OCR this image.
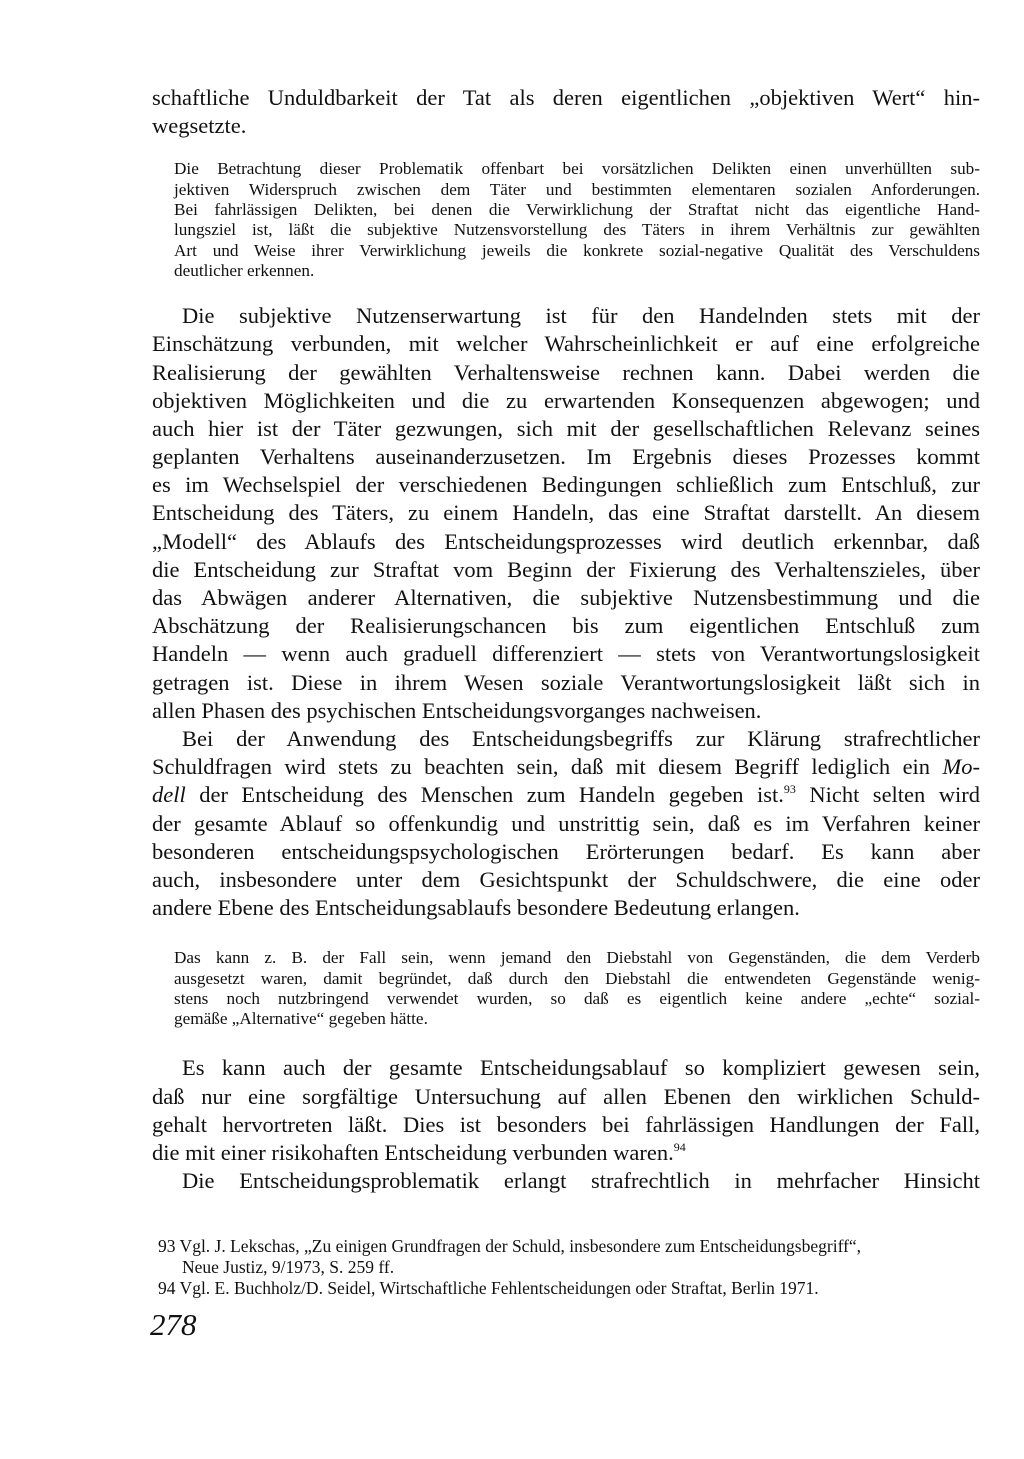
schaftliche Unduldbarkeit der Tat als deren eigentlichen „objektiven Wert“ hin-
wegsetzte.
Die Betrachtung dieser Problematik offenbart bei vorsätzlichen Delikten einen unverhüllten sub-
jektiven Widerspruch zwischen dem Täter und bestimmten elementaren sozialen Anforderungen.
Bei fahrlässigen Delikten, bei denen die Verwirklichung der Straftat nicht das eigentliche Hand-
lungsziel ist, läßt die subjektive Nutzensvorstellung des Täters in ihrem Verhältnis zur gewählten
Art und Weise ihrer Verwirklichung jeweils die konkrete sozial-negative Qualität des Verschuldens
deutlicher erkennen.
Die subjektive Nutzenserwartung ist für den Handelnden stets mit der
Einschätzung verbunden, mit welcher Wahrscheinlichkeit er auf eine erfolgreiche
Realisierung der gewählten Verhaltensweise rechnen kann. Dabei werden die
objektiven Möglichkeiten und die zu erwartenden Konsequenzen abgewogen; und
auch hier ist der Täter gezwungen, sich mit der gesellschaftlichen Relevanz seines
geplanten Verhaltens auseinanderzusetzen. Im Ergebnis dieses Prozesses kommt
es im Wechselspiel der verschiedenen Bedingungen schließlich zum Entschluß, zur
Entscheidung des Täters, zu einem Handeln, das eine Straftat darstellt. An diesem
„Modell“ des Ablaufs des Entscheidungsprozesses wird deutlich erkennbar, daß
die Entscheidung zur Straftat vom Beginn der Fixierung des Verhaltenszieles, über
das Abwägen anderer Alternativen, die subjektive Nutzensbestimmung und die
Abschätzung der Realisierungschancen bis zum eigentlichen Entschluß zum
Handeln — wenn auch graduell differenziert — stets von Verantwortungslosigkeit
getragen ist. Diese in ihrem Wesen soziale Verantwortungslosigkeit läßt sich in
allen Phasen des psychischen Entscheidungsvorganges nachweisen.
Bei der Anwendung des Entscheidungsbegriffs zur Klärung strafrechtlicher
Schuldfragen wird stets zu beachten sein, daß mit diesem Begriff lediglich ein Mo-
dell der Entscheidung des Menschen zum Handeln gegeben ist.$^{93}$ Nicht selten wird
der gesamte Ablauf so offenkundig und unstrittig sein, daß es im Verfahren keiner
besonderen entscheidungspsychologischen Erörterungen bedarf. Es kann aber
auch, insbesondere unter dem Gesichtspunkt der Schuldschwere, die eine oder
andere Ebene des Entscheidungsablaufs besondere Bedeutung erlangen.
Das kann z. B. der Fall sein, wenn jemand den Diebstahl von Gegenständen, die dem Verderb
ausgesetzt waren, damit begründet, daß durch den Diebstahl die entwendeten Gegenstände wenig-
stens noch nutzbringend verwendet wurden, so daß es eigentlich keine andere „echte“ sozial-
gemäße „Alternative“ gegeben hätte.
Es kann auch der gesamte Entscheidungsablauf so kompliziert gewesen sein,
daß nur eine sorgfältige Untersuchung auf allen Ebenen den wirklichen Schuld-
gehalt hervortreten läßt. Dies ist besonders bei fahrlässigen Handlungen der Fall,
die mit einer risikohaften Entscheidung verbunden waren.$^{94}$
Die Entscheidungsproblematik erlangt strafrechtlich in mehrfacher Hinsicht
93 Vgl. J. Lekschas, „Zu einigen Grundfragen der Schuld, insbesondere zum Entscheidungsbegriff“,
Neue Justiz, 9/1973, S. 259 ff.
94 Vgl. E. Buchholz/D. Seidel, Wirtschaftliche Fehlentscheidungen oder Straftat, Berlin 1971.
278
